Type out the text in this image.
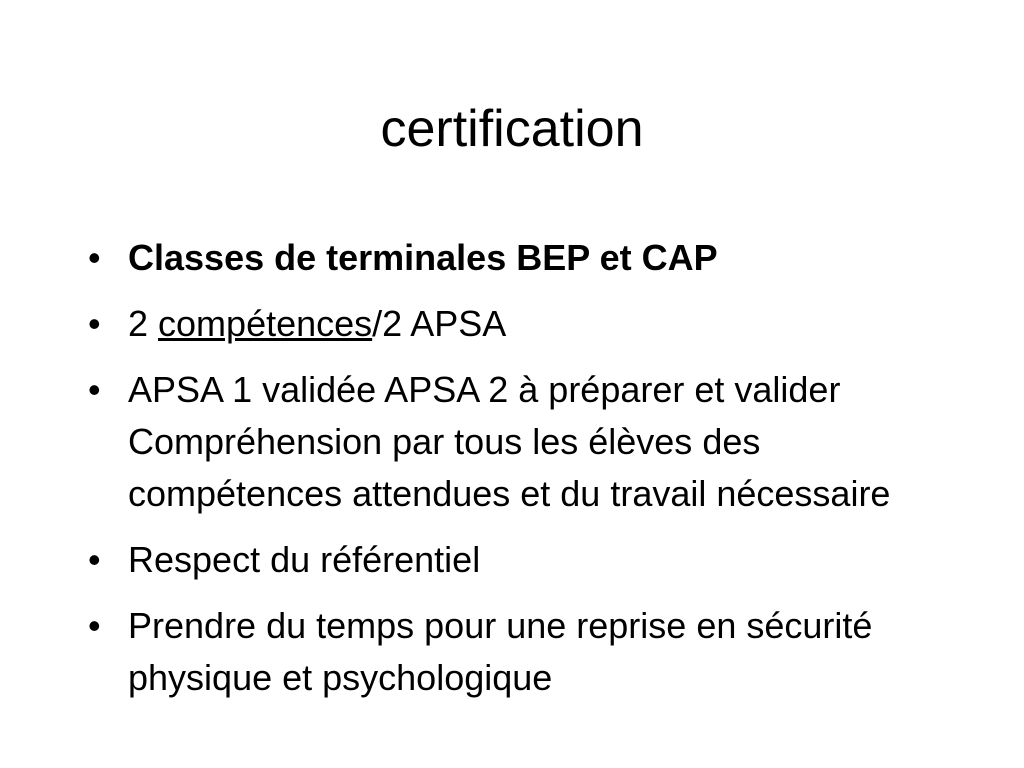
certification
• Classes de terminales BEP et CAP
• 2 compétences/2 APSA
• APSA 1 validée APSA 2 à préparer et valider Compréhension par tous les élèves des compétences attendues et du travail nécessaire
• Respect du référentiel
• Prendre du temps pour une reprise en sécurité physique et psychologique
